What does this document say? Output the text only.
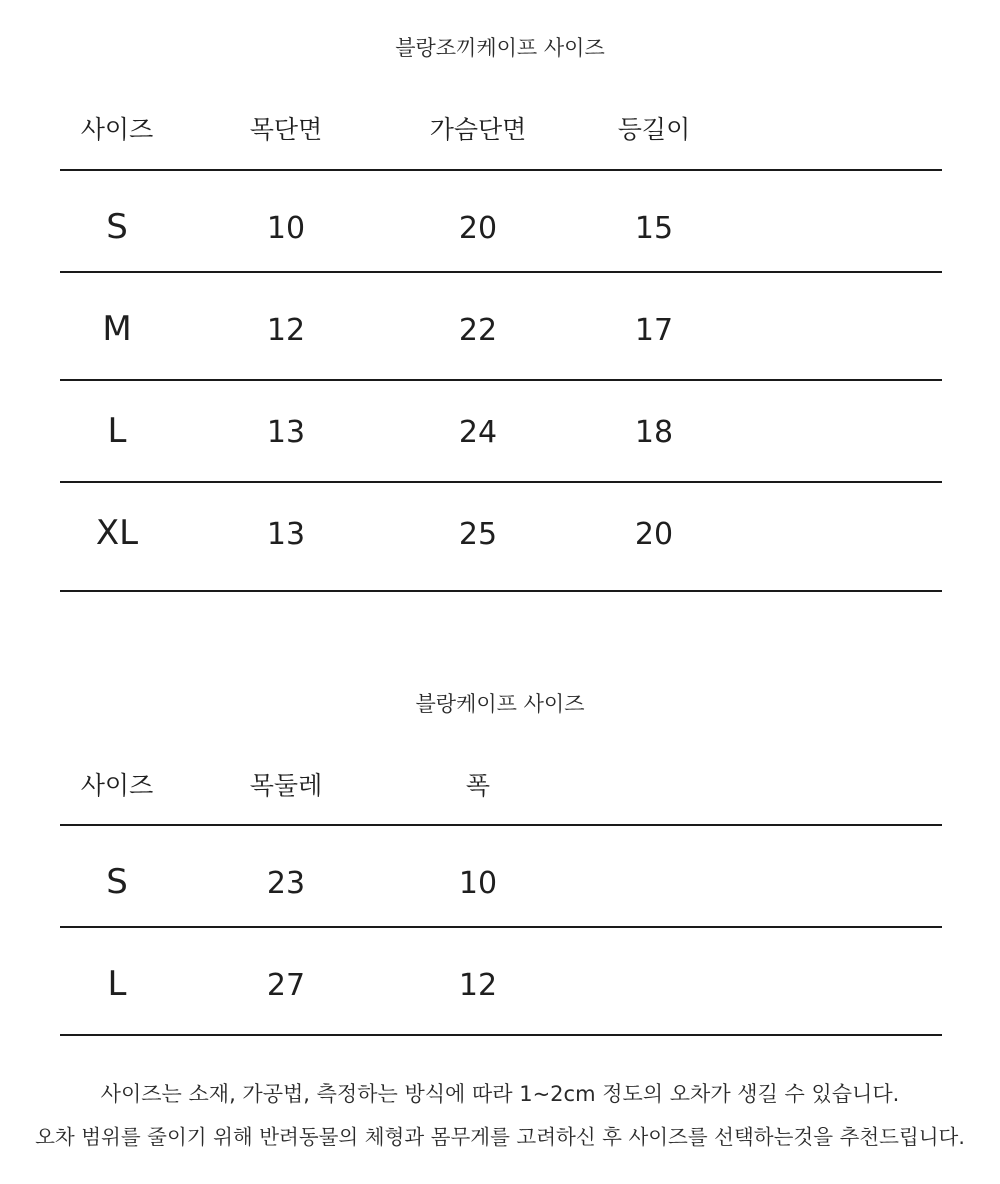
블랑조끼케이프 사이즈
사이즈	목단면	가슴단면	등길이
S	10	20	15
M	12	22	17
L	13	24	18
XL	13	25	20
블랑케이프 사이즈
사이즈	목둘레	폭
S	23	10
L	27	12
사이즈는 소재, 가공법, 측정하는 방식에 따라 1~2cm 정도의 오차가 생길 수 있습니다.
오차 범위를 줄이기 위해 반려동물의 체형과 몸무게를 고려하신 후 사이즈를 선택하는것을 추천드립니다.
